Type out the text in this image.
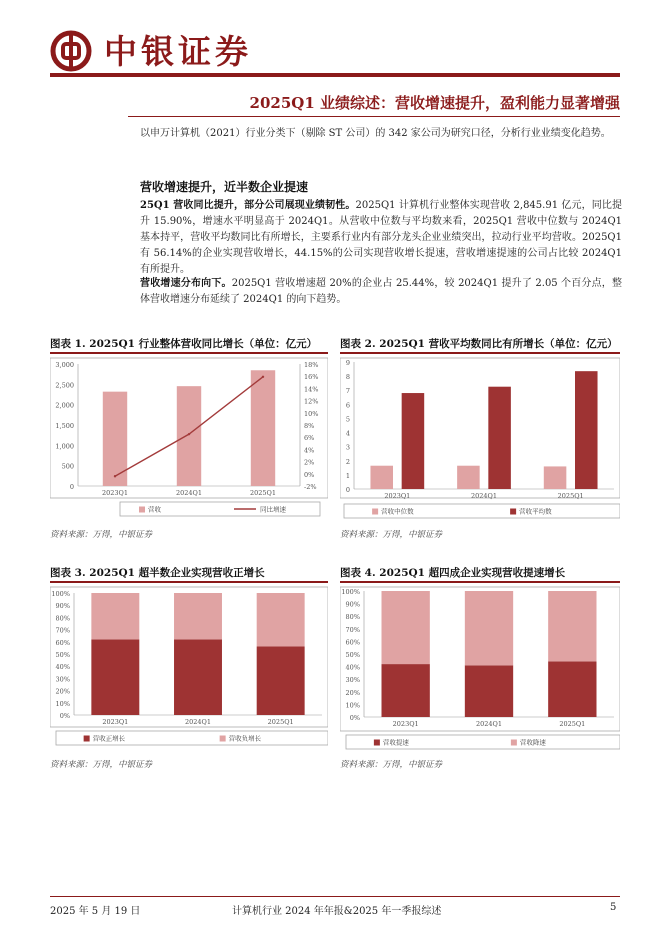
中银证券
2025Q1 业绩综述：营收增速提升，盈利能力显著增强
以申万计算机（2021）行业分类下（剔除 ST 公司）的 342 家公司为研究口径，分析行业业绩变化趋势。
营收增速提升，近半数企业提速
25Q1 营收同比提升，部分公司展现业绩韧性。2025Q1 计算机行业整体实现营收 2,845.91 亿元，同比提升 15.90%，增速水平明显高于 2024Q1。从营收中位数与平均数来看，2025Q1 营收中位数与 2024Q1 基本持平，营收平均数同比有所增长，主要系行业内有部分龙头企业业绩突出，拉动行业平均营收。2025Q1 有 56.14%的企业实现营收增长，44.15%的公司实现营收增长提速，营收增速提速的公司占比较 2024Q1 有所提升。
营收增速分布向下。2025Q1 营收增速超 20%的企业占 25.44%，较 2024Q1 提升了 2.05 个百分点，整体营收增速分布延续了 2024Q1 的向下趋势。
图表 1. 2025Q1 行业整体营收同比增长（单位：亿元）
0
500
1,000
1,500
2,000
2,500
3,000
-2%
0%
2%
4%
6%
8%
10%
12%
14%
16%
18%
2023Q1	2024Q1	2025Q1
营收	同比增速
资料来源：万得，中银证券
图表 2. 2025Q1 营收平均数同比有所增长（单位：亿元）
0
1
2
3
4
5
6
7
8
9
2023Q1	2024Q1	2025Q1
营收中位数	营收平均数
资料来源：万得，中银证券
图表 3. 2025Q1 超半数企业实现营收正增长
0%
10%
20%
30%
40%
50%
60%
70%
80%
90%
100%
2023Q1	2024Q1	2025Q1
营收正增长	营收负增长
资料来源：万得，中银证券
图表 4. 2025Q1 超四成企业实现营收提速增长
0%
10%
20%
30%
40%
50%
60%
70%
80%
90%
100%
2023Q1	2024Q1	2025Q1
营收提速	营收降速
资料来源：万得，中银证券
2025 年 5 月 19 日	计算机行业 2024 年年报&2025 年一季报综述	5
